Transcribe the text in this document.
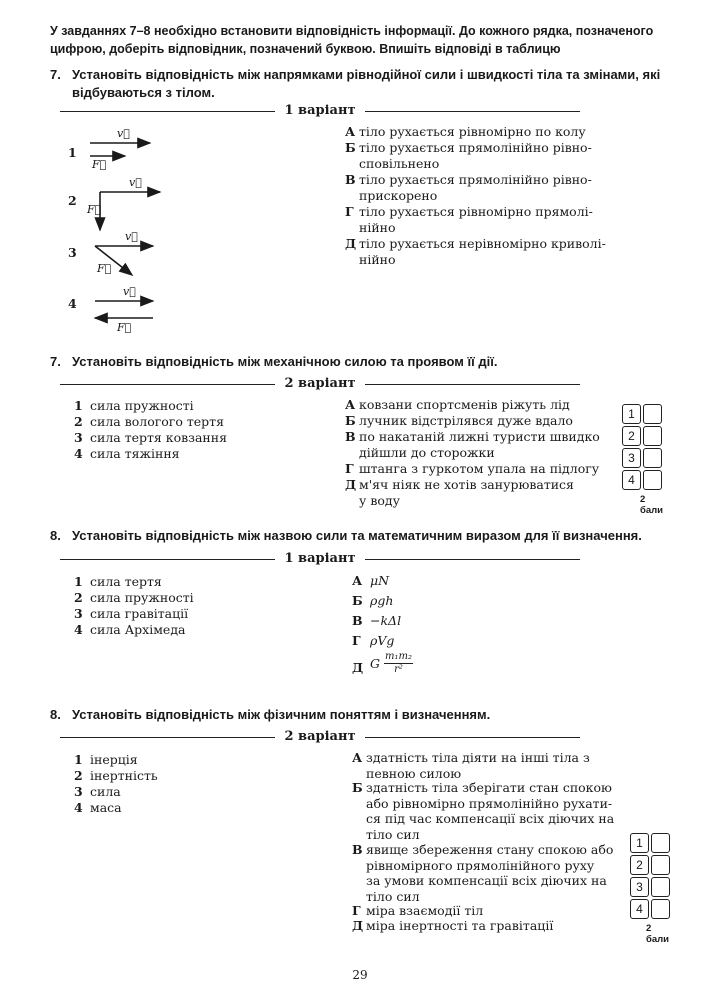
У завданнях 7–8 необхідно встановити відповідність інформації. До кожного рядка, позначеного цифрою, доберіть відповідник, позначений буквою. Впишіть відповіді в таблицю
7. Установіть відповідність між напрямками рівнодійної сили і швидкості тіла та змінами, які відбуваються з тілом.
1 варіант
1
v⃗
F⃗
2
v⃗
F⃗
3
v⃗
F⃗
4
v⃗
F⃗
А тіло рухається рівномірно по колу
Б тіло рухається прямолінійно рівно-
сповільнено
В тіло рухається прямолінійно рівно-
прискорено
Г тіло рухається рівномірно прямолі-
нійно
Д тіло рухається нерівномірно криволі-
нійно
7. Установіть відповідність між механічною силою та проявом її дії.
2 варіант
1 сила пружності
2 сила вологого тертя
3 сила тертя ковзання
4 сила тяжіння
А ковзани спортсменів ріжуть лід
Б лучник відстрілявся дуже вдало
В по накатаній лижні туристи швидко
дійшли до сторожки
Г штанга з гуркотом упала на підлогу
Д м'яч ніяк не хотів занурюватися
у воду
1
2
3
4
2 бали
8. Установіть відповідність між назвою сили та математичним виразом для її визначення.
1 варіант
1 сила тертя
2 сила пружності
3 сила гравітації
4 сила Архімеда
А μN
Б ρgh
В −kΔl
Г ρVg
Д G $\frac{\text{m₁m₂}}{\text{r²}}$
8. Установіть відповідність між фізичним поняттям і визначенням.
2 варіант
1 інерція
2 інертність
3 сила
4 маса
А здатність тіла діяти на інші тіла з
певною силою
Б здатність тіла зберігати стан спокою
або рівномірно прямолінійно рухати-
ся під час компенсації всіх діючих на
тіло сил
В явище збереження стану спокою або
рівномірного прямолінійного руху
за умови компенсації всіх діючих на
тіло сил
Г міра взаємодії тіл
Д міра інертності та гравітації
1
2
3
4
2 бали
29
